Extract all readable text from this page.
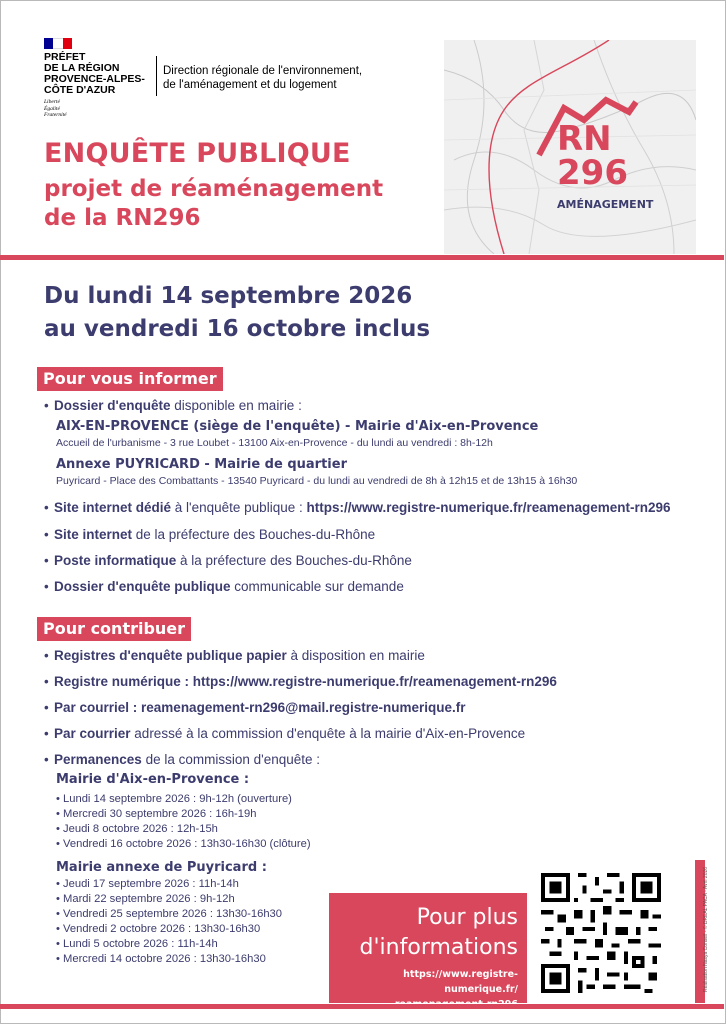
PRÉFET
DE LA RÉGION
PROVENCE-ALPES-
CÔTE D'AZUR
Liberté
Égalité
Fraternité
Direction régionale de l'environnement,
de l'aménagement et du logement
ENQUÊTE PUBLIQUE
projet de réaménagement
de la RN296
RN
296
AMÉNAGEMENT
Du lundi 14 septembre 2026
au vendredi 16 octobre inclus
Pour vous informer
• Dossier d'enquête disponible en mairie :
AIX-EN-PROVENCE (siège de l'enquête) - Mairie d'Aix-en-Provence
Accueil de l'urbanisme - 3 rue Loubet - 13100 Aix-en-Provence - du lundi au vendredi : 8h-12h
Annexe PUYRICARD - Mairie de quartier
Puyricard - Place des Combattants - 13540 Puyricard - du lundi au vendredi de 8h à 12h15 et de 13h15 à 16h30
• Site internet dédié à l'enquête publique : https://www.registre-numerique.fr/reamenagement-rn296
• Site internet de la préfecture des Bouches-du-Rhône
• Poste informatique à la préfecture des Bouches-du-Rhône
• Dossier d'enquête publique communicable sur demande
Pour contribuer
• Registres d'enquête publique papier à disposition en mairie
• Registre numérique : https://www.registre-numerique.fr/reamenagement-rn296
• Par courriel : reamenagement-rn296@mail.registre-numerique.fr
• Par courrier adressé à la commission d'enquête à la mairie d'Aix-en-Provence
• Permanences de la commission d'enquête :
Mairie d'Aix-en-Provence :
• Lundi 14 septembre 2026 : 9h-12h (ouverture)
• Mercredi 30 septembre 2026 : 16h-19h
• Jeudi 8 octobre 2026 : 12h-15h
• Vendredi 16 octobre 2026 : 13h30-16h30 (clôture)
Mairie annexe de Puyricard :
• Jeudi 17 septembre 2026 : 11h-14h
• Mardi 22 septembre 2026 : 9h-12h
• Vendredi 25 septembre 2026 : 13h30-16h30
• Vendredi 2 octobre 2026 : 13h30-16h30
• Lundi 5 octobre 2026 : 11h-14h
• Mercredi 14 octobre 2026 : 13h30-16h30
Pour plus
d'informations
https://www.registre-numerique.fr/	Réalisation Nasya Conseil - © DREAL PACA - Avril 2026
